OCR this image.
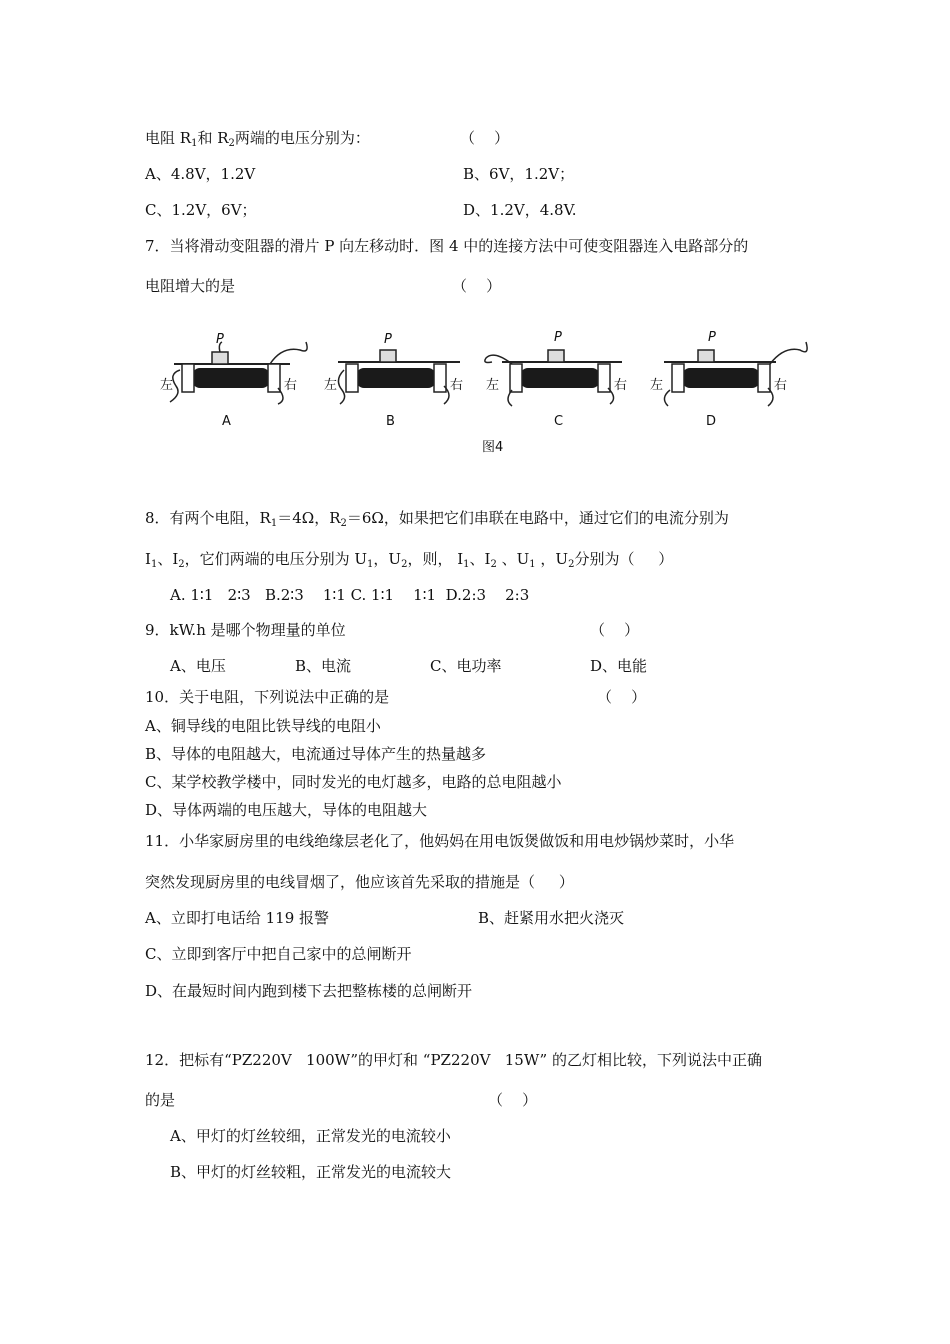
电阻 $R_1$和 $R_2$两端的电压分别为：	（    ）
A、4.8V，1.2V	B、6V，1.2V；
C、1.2V，6V；	D、1.2V，4.8V.
7．当将滑动变阻器的滑片 P 向左移动时．图 4 中的连接方法中可使变阻器连入电路部分的
电阻增大的是	（    ）
P
左	右
A
P
左	右
B
P
左	右
C
P
左	右
D
图4
8．有两个电阻，$R_1=4\Omega$，$R_2=6\Omega$，如果把它们串联在电路中，通过它们的电流分别为
$I_1$、$I_2$，它们两端的电压分别为 $U_1$，$U_2$，则， $I_1$、$I_2$ 、$U_1$ ，$U_2$分别为（     ）
A. 1∶1   2∶3   B.2∶3    1∶1 C. 1∶1    1∶1  D.2:3    2:3
9．kW.h 是哪个物理量的单位	（    ）
A、电压	B、电流	C、电功率	D、电能
10．关于电阻，下列说法中正确的是	（    ）
A、铜导线的电阻比铁导线的电阻小
B、导体的电阻越大，电流通过导体产生的热量越多
C、某学校教学楼中，同时发光的电灯越多，电路的总电阻越小
D、导体两端的电压越大，导体的电阻越大
11．小华家厨房里的电线绝缘层老化了，他妈妈在用电饭煲做饭和用电炒锅炒菜时，小华
突然发现厨房里的电线冒烟了，他应该首先采取的措施是（     ）
A、立即打电话给 119 报警	B、赶紧用水把火浇灭
C、立即到客厅中把自己家中的总闸断开
D、在最短时间内跑到楼下去把整栋楼的总闸断开
12．把标有“PZ220V   100W”的甲灯和 “PZ220V   15W” 的乙灯相比较，下列说法中正确
的是	（    ）
A、甲灯的灯丝较细，正常发光的电流较小
B、甲灯的灯丝较粗，正常发光的电流较大
